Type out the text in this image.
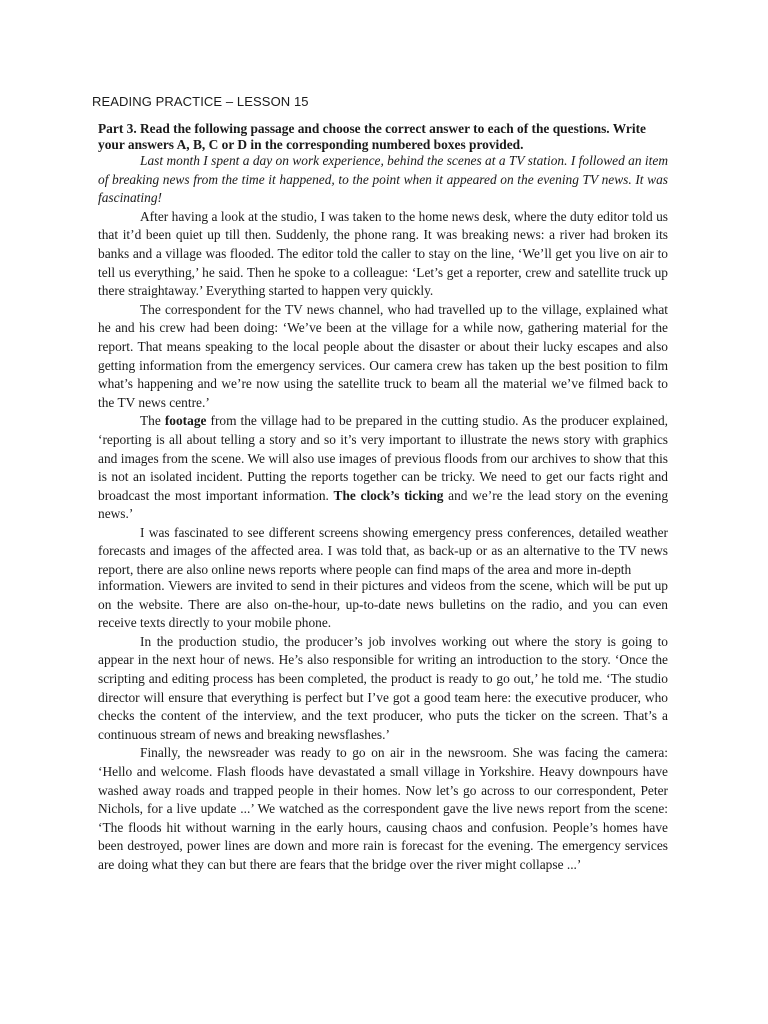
READING PRACTICE – LESSON 15

Part 3. Read the following passage and choose the correct answer to each of the questions. Write your answers A, B, C or D in the corresponding numbered boxes provided.

Last month I spent a day on work experience, behind the scenes at a TV station. I followed an item of breaking news from the time it happened, to the point when it appeared on the evening TV news. It was fascinating!

After having a look at the studio, I was taken to the home news desk, where the duty editor told us that it’d been quiet up till then. Suddenly, the phone rang. It was breaking news: a river had broken its banks and a village was flooded. The editor told the caller to stay on the line, ‘We’ll get you live on air to tell us everything,’ he said. Then he spoke to a colleague: ‘Let’s get a reporter, crew and satellite truck up there straightaway.’ Everything started to happen very quickly.

The correspondent for the TV news channel, who had travelled up to the village, explained what he and his crew had been doing: ‘We’ve been at the village for a while now, gathering material for the report. That means speaking to the local people about the disaster or about their lucky escapes and also getting information from the emergency services. Our camera crew has taken up the best position to film what’s happening and we’re now using the satellite truck to beam all the material we’ve filmed back to the TV news centre.’

The footage from the village had to be prepared in the cutting studio. As the producer explained, ‘reporting is all about telling a story and so it’s very important to illustrate the news story with graphics and images from the scene. We will also use images of previous floods from our archives to show that this is not an isolated incident. Putting the reports together can be tricky. We need to get our facts right and broadcast the most important information. The clock’s ticking and we’re the lead story on the evening news.’

I was fascinated to see different screens showing emergency press conferences, detailed weather forecasts and images of the affected area. I was told that, as back-up or as an alternative to the TV news report, there are also online news reports where people can find maps of the area and more in-depth

information. Viewers are invited to send in their pictures and videos from the scene, which will be put up on the website. There are also on-the-hour, up-to-date news bulletins on the radio, and you can even receive texts directly to your mobile phone.

In the production studio, the producer’s job involves working out where the story is going to appear in the next hour of news. He’s also responsible for writing an introduction to the story. ‘Once the scripting and editing process has been completed, the product is ready to go out,’ he told me. ‘The studio director will ensure that everything is perfect but I’ve got a good team here: the executive producer, who checks the content of the interview, and the text producer, who puts the ticker on the screen. That’s a continuous stream of news and breaking newsflashes.’

Finally, the newsreader was ready to go on air in the newsroom. She was facing the camera: ‘Hello and welcome. Flash floods have devastated a small village in Yorkshire. Heavy downpours have washed away roads and trapped people in their homes. Now let’s go across to our correspondent, Peter Nichols, for a live update ...’ We watched as the correspondent gave the live news report from the scene: ‘The floods hit without warning in the early hours, causing chaos and confusion. People’s homes have been destroyed, power lines are down and more rain is forecast for the evening. The emergency services are doing what they can but there are fears that the bridge over the river might collapse ...’
